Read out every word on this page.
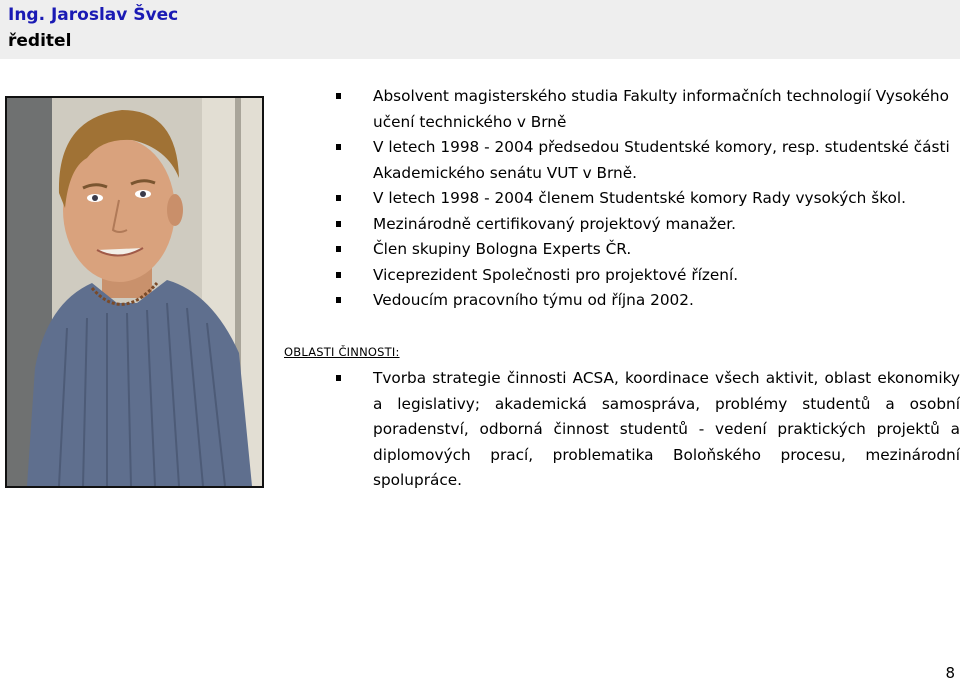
Ing. Jaroslav Švec
ředitel
Absolvent magisterského studia Fakulty informačních technologií Vysokého učení technického v Brně
V letech 1998 - 2004 předsedou Studentské komory, resp. studentské části Akademického senátu VUT v Brně.
V letech 1998 - 2004 členem Studentské komory Rady vysokých škol.
Mezinárodně certifikovaný projektový manažer.
Člen skupiny Bologna Experts ČR.
Viceprezident Společnosti pro projektové řízení.
Vedoucím pracovního týmu od října 2002.
OBLASTI ČINNOSTI:
Tvorba strategie činnosti ACSA, koordinace všech aktivit, oblast ekonomiky a legislativy; akademická samospráva, problémy studentů a osobní poradenství, odborná činnost studentů - vedení praktických projektů a diplomových prací, problematika Boloňského procesu, mezinárodní spolupráce.
8
